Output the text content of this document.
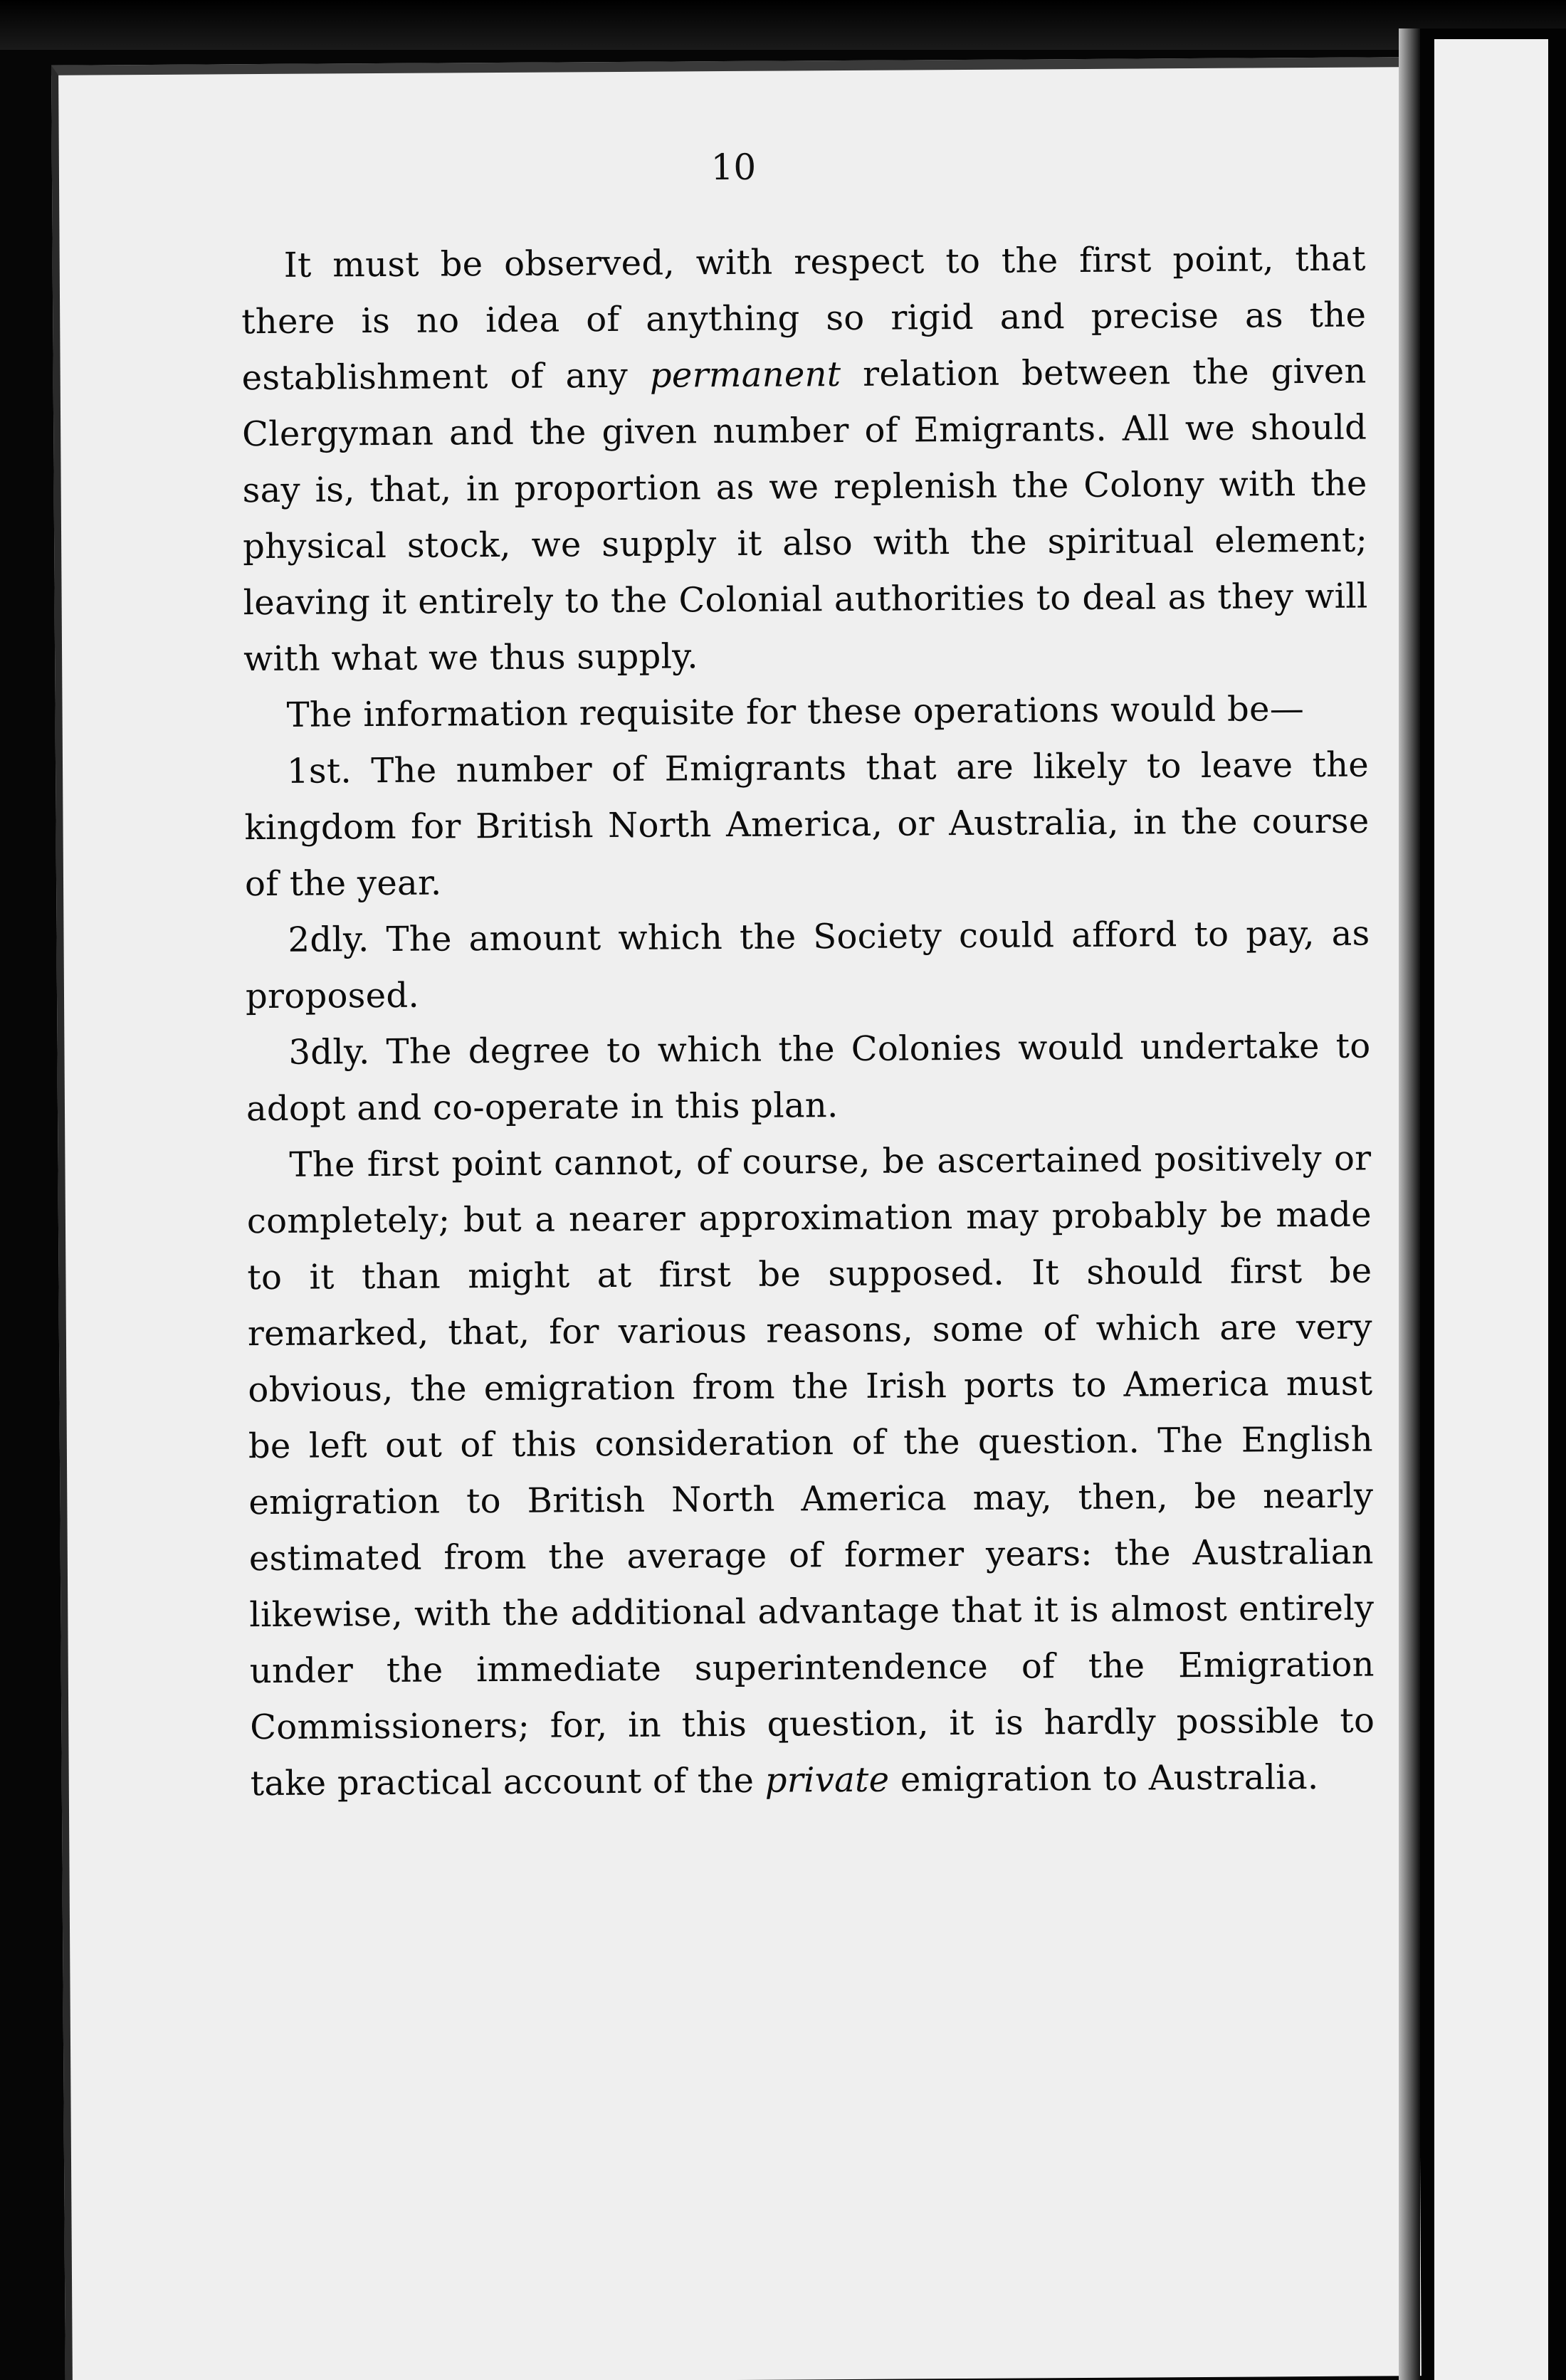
10

It must be observed, with respect to the first point, that there is no idea of anything so rigid and precise as the establishment of any permanent relation between the given Clergyman and the given number of Emigrants. All we should say is, that, in proportion as we replenish the Colony with the physical stock, we supply it also with the spiritual element; leaving it entirely to the Colonial authorities to deal as they will with what we thus supply.

The information requisite for these operations would be—

1st. The number of Emigrants that are likely to leave the kingdom for British North America, or Australia, in the course of the year.

2dly. The amount which the Society could afford to pay, as proposed.

3dly. The degree to which the Colonies would undertake to adopt and co-operate in this plan.

The first point cannot, of course, be ascertained positively or completely; but a nearer approximation may probably be made to it than might at first be supposed. It should first be remarked, that, for various reasons, some of which are very obvious, the emigration from the Irish ports to America must be left out of this consideration of the question. The English emigration to British North America may, then, be nearly estimated from the average of former years: the Australian likewise, with the additional advantage that it is almost entirely under the immediate superintendence of the Emigration Commissioners; for, in this question, it is hardly possible to take practical account of the private emigration to Australia.
